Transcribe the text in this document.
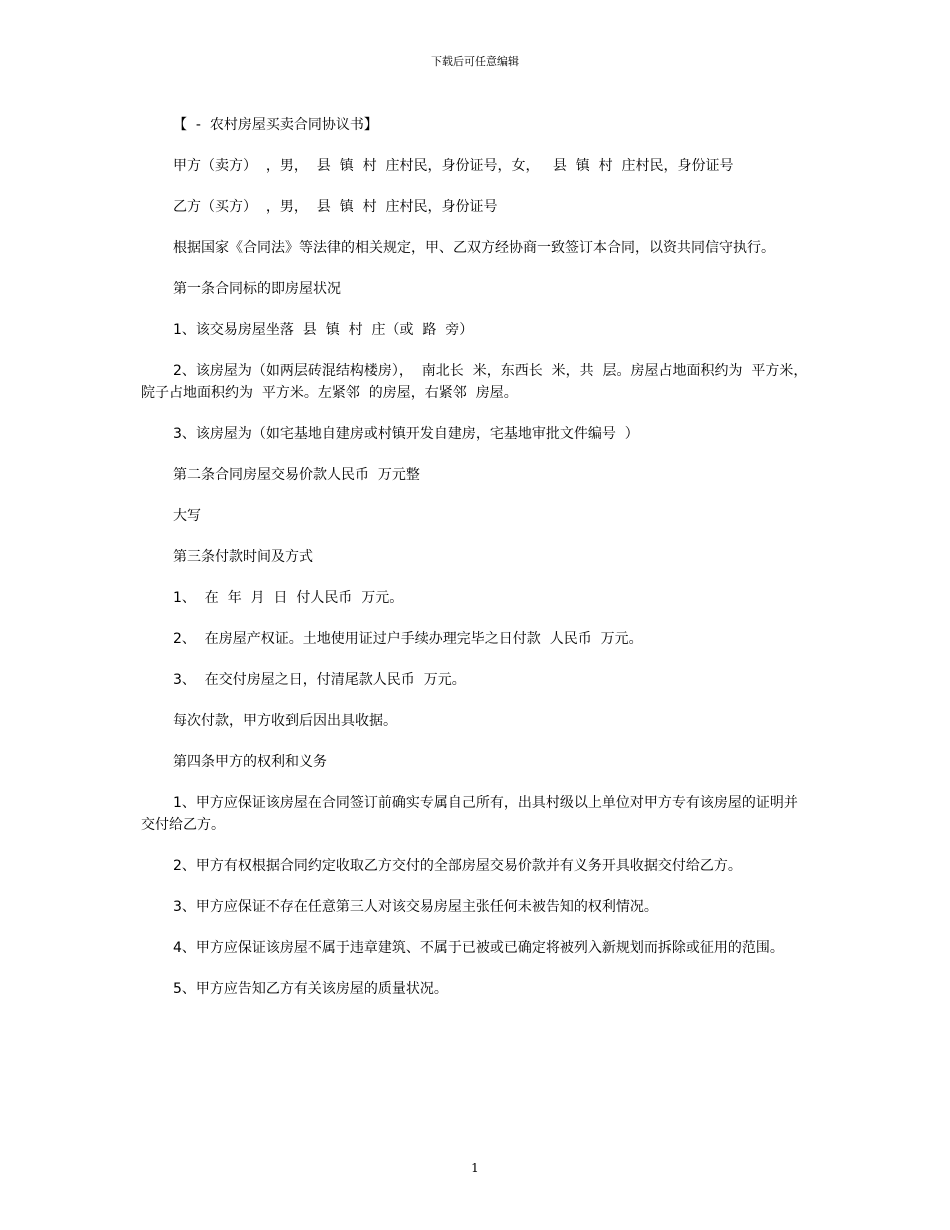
下载后可任意编辑

【  -  农村房屋买卖合同协议书】

甲方（卖方）  ，男，  县  镇  村  庄村民，身份证号，女，   县  镇  村  庄村民，身份证号

乙方（买方）  ，男，  县  镇  村  庄村民，身份证号

根据国家《合同法》等法律的相关规定，甲、乙双方经协商一致签订本合同，以资共同信守执行。

第一条合同标的即房屋状况

1、该交易房屋坐落  县  镇  村  庄（或  路  旁）

2、该房屋为（如两层砖混结构楼房），  南北长  米，东西长  米，共  层。房屋占地面积约为  平方米，院子占地面积约为  平方米。左紧邻  的房屋，右紧邻  房屋。

3、该房屋为（如宅基地自建房或村镇开发自建房，宅基地审批文件编号  ）

第二条合同房屋交易价款人民币  万元整

大写

第三条付款时间及方式

1、  在  年  月  日  付人民币  万元。

2、  在房屋产权证。土地使用证过户手续办理完毕之日付款  人民币  万元。

3、  在交付房屋之日，付清尾款人民币  万元。

每次付款，甲方收到后因出具收据。

第四条甲方的权利和义务

1、甲方应保证该房屋在合同签订前确实专属自己所有，出具村级以上单位对甲方专有该房屋的证明并交付给乙方。

2、甲方有权根据合同约定收取乙方交付的全部房屋交易价款并有义务开具收据交付给乙方。

3、甲方应保证不存在任意第三人对该交易房屋主张任何未被告知的权利情况。

4、甲方应保证该房屋不属于违章建筑、不属于已被或已确定将被列入新规划而拆除或征用的范围。

5、甲方应告知乙方有关该房屋的质量状况。

1
